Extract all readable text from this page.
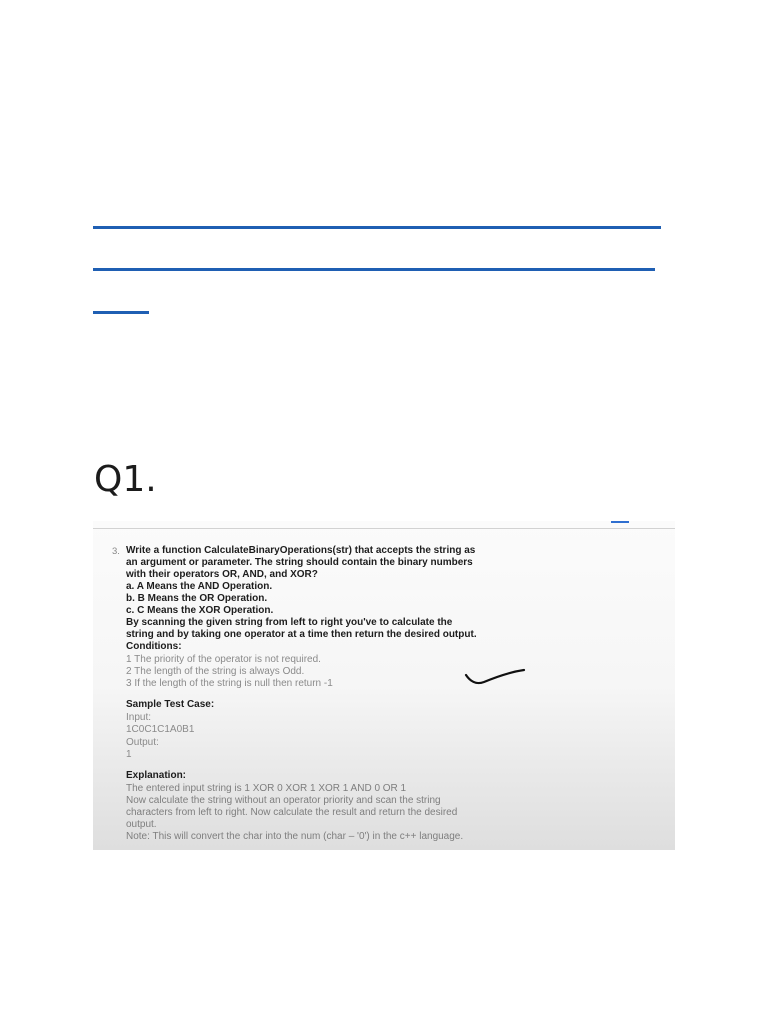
Q1.
3. Write a function CalculateBinaryOperations(str) that accepts the string as
an argument or parameter. The string should contain the binary numbers
with their operators OR, AND, and XOR?
a. A Means the AND Operation.
b. B Means the OR Operation.
c. C Means the XOR Operation.
By scanning the given string from left to right you've to calculate the
string and by taking one operator at a time then return the desired output.
Conditions:
1 The priority of the operator is not required.
2 The length of the string is always Odd.
3 If the length of the string is null then return -1
Sample Test Case:
Input:
1C0C1C1A0B1
Output:
1
Explanation:
The entered input string is 1 XOR 0 XOR 1 XOR 1 AND 0 OR 1
Now calculate the string without an operator priority and scan the string
characters from left to right. Now calculate the result and return the desired
output.
Note: This will convert the char into the num (char – '0') in the c++ language.
